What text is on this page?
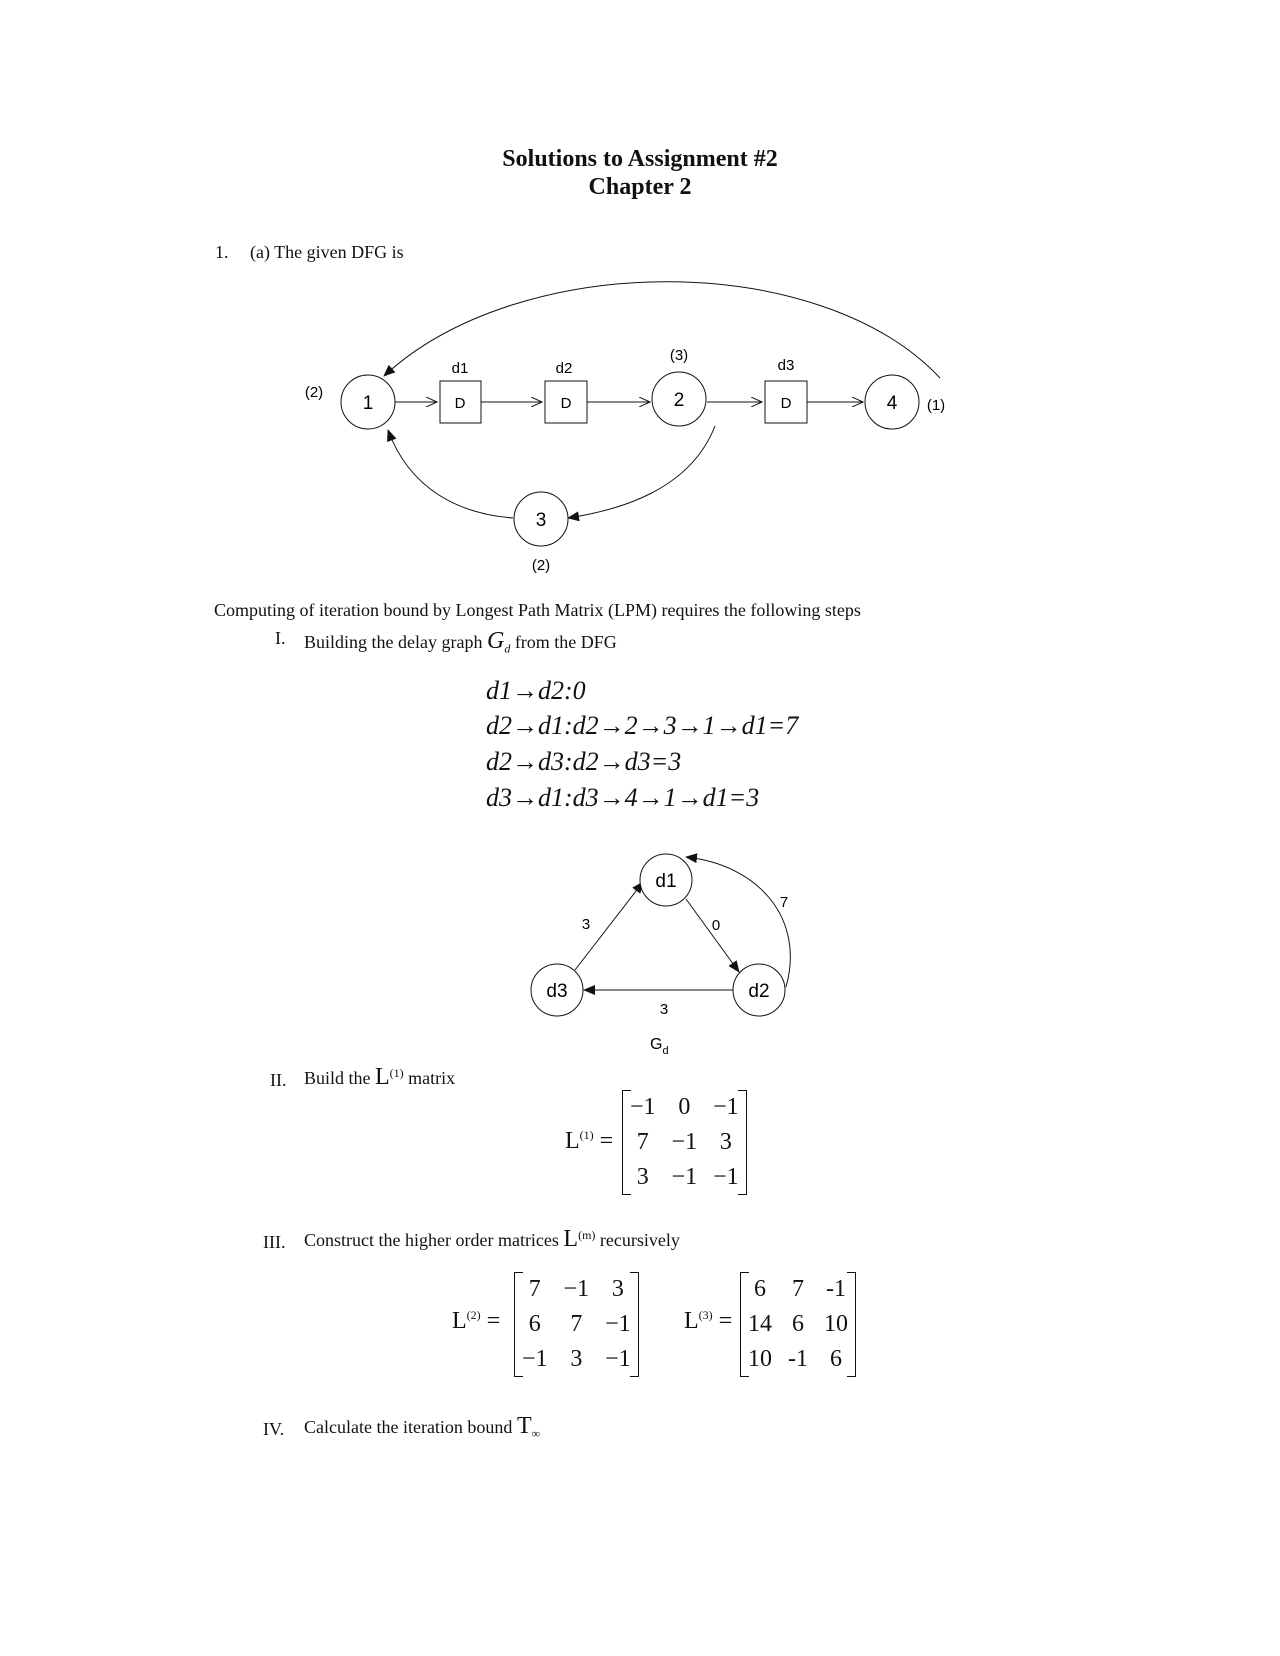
Solutions to Assignment #2
Chapter 2
1. (a) The given DFG is
1	2
3
4
(2)
(3)
(2)
(1)
D	D	D
d1	d2	d3
Computing of iteration bound by Longest Path Matrix (LPM) requires the following steps
I. Building the delay graph $G_d$ from the DFG
d1→d2:0
d2→d1:d2→2→3→1→d1=7
d2→d3:d2→d3=3
d3→d1:d3→4→1→d1=3
d1
d2
d3
0
7
3
3
$G_d$
II. Build the $L^{(1)}$ matrix
$L^{(1)}$ =
−1	0	−1
7	−1	3
3	−1	−1
III. Construct the higher order matrices $L^{(m)}$ recursively
$L^{(2)}$ =
7	−1	3
6	7	−1
−1	3	−1
$L^{(3)}$ =
6	7	-1
14	6	10
10	-1	6
IV. Calculate the iteration bound $T_\infty$
